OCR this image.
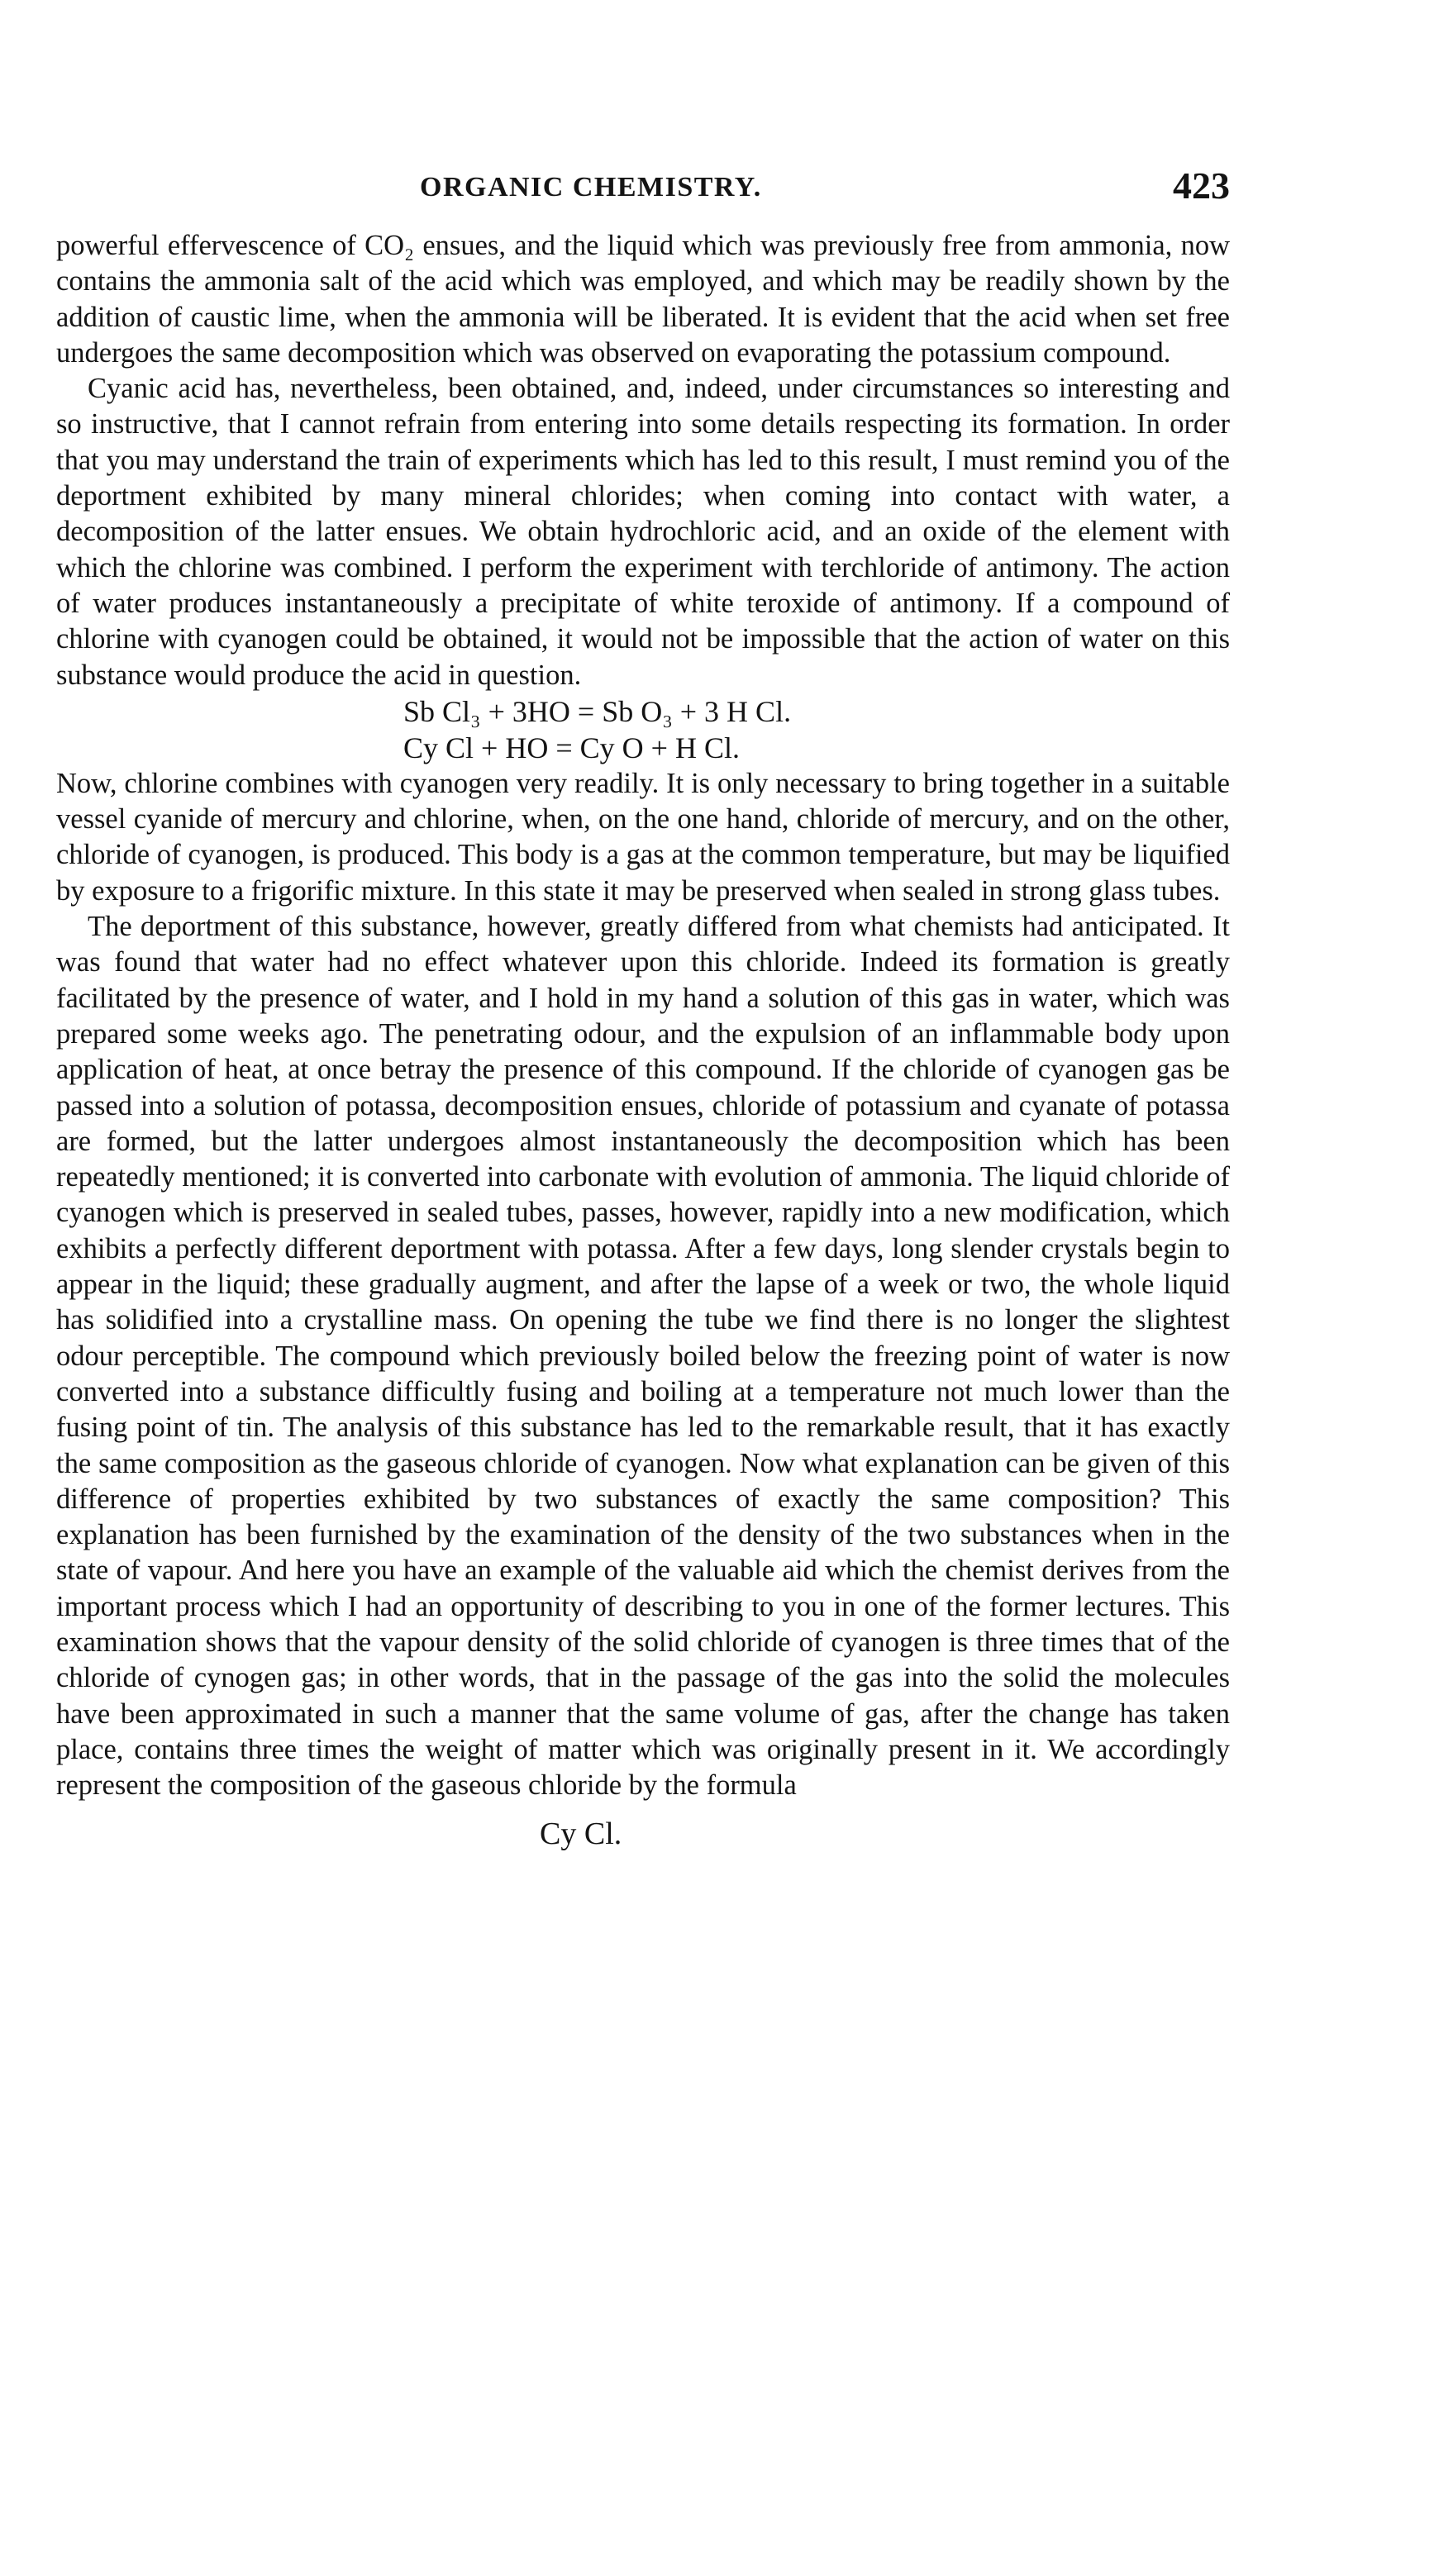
ORGANIC CHEMISTRY.	423

powerful effervescence of CO₂ ensues, and the liquid which was previously free from ammonia, now contains the ammonia salt of the acid which was employed, and which may be readily shown by the addition of caustic lime, when the ammonia will be liberated. It is evident that the acid when set free undergoes the same decomposition which was observed on evaporating the potassium compound.

Cyanic acid has, nevertheless, been obtained, and, indeed, under circumstances so interesting and so instructive, that I cannot refrain from entering into some details respecting its formation. In order that you may understand the train of experiments which has led to this result, I must remind you of the deportment exhibited by many mineral chlorides; when coming into contact with water, a decomposition of the latter ensues. We obtain hydrochloric acid, and an oxide of the element with which the chlorine was combined. I perform the experiment with terchloride of antimony. The action of water produces instantaneously a precipitate of white teroxide of antimony. If a compound of chlorine with cyanogen could be obtained, it would not be impossible that the action of water on this substance would produce the acid in question.

Sb Cl₃ + 3HO = Sb O₃ + 3 H Cl.
Cy Cl + HO = Cy O + H Cl.

Now, chlorine combines with cyanogen very readily. It is only necessary to bring together in a suitable vessel cyanide of mercury and chlorine, when, on the one hand, chloride of mercury, and on the other, chloride of cyanogen, is produced. This body is a gas at the common temperature, but may be liquified by exposure to a frigorific mixture. In this state it may be preserved when sealed in strong glass tubes.

The deportment of this substance, however, greatly differed from what chemists had anticipated. It was found that water had no effect whatever upon this chloride. Indeed its formation is greatly facilitated by the presence of water, and I hold in my hand a solution of this gas in water, which was prepared some weeks ago. The penetrating odour, and the expulsion of an inflammable body upon application of heat, at once betray the presence of this compound. If the chloride of cyanogen gas be passed into a solution of potassa, decomposition ensues, chloride of potassium and cyanate of potassa are formed, but the latter undergoes almost instantaneously the decomposition which has been repeatedly mentioned; it is converted into carbonate with evolution of ammonia. The liquid chloride of cyanogen which is preserved in sealed tubes, passes, however, rapidly into a new modification, which exhibits a perfectly different deportment with potassa. After a few days, long slender crystals begin to appear in the liquid; these gradually augment, and after the lapse of a week or two, the whole liquid has solidified into a crystalline mass. On opening the tube we find there is no longer the slightest odour perceptible. The compound which previously boiled below the freezing point of water is now converted into a substance difficultly fusing and boiling at a temperature not much lower than the fusing point of tin. The analysis of this substance has led to the remarkable result, that it has exactly the same composition as the gaseous chloride of cyanogen. Now what explanation can be given of this difference of properties exhibited by two substances of exactly the same composition? This explanation has been furnished by the examination of the density of the two substances when in the state of vapour. And here you have an example of the valuable aid which the chemist derives from the important process which I had an opportunity of describing to you in one of the former lectures. This examination shows that the vapour density of the solid chloride of cyanogen is three times that of the chloride of cynogen gas; in other words, that in the passage of the gas into the solid the molecules have been approximated in such a manner that the same volume of gas, after the change has taken place, contains three times the weight of matter which was originally present in it. We accordingly represent the composition of the gaseous chloride by the formula

Cy Cl.
